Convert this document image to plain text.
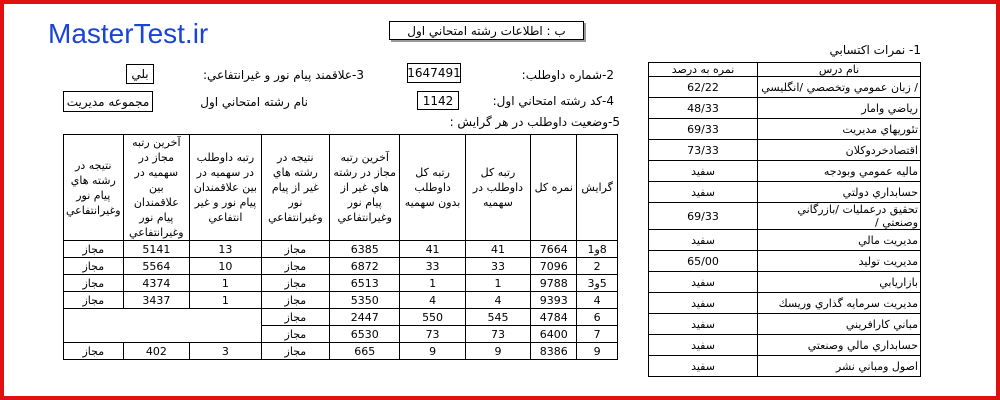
MasterTest.ir	ب : اطلاعات رشته امتحاني اول
1- نمرات اكتسابي
2-شماره داوطلب:
1647491
3-علاقمند پيام نور و غيرانتفاعي:
بلي
4-كد رشته امتحاني اول:
1142
نام رشته امتحاني اول
مجموعه مديريت
5-وضعيت داوطلب در هر گرايش :
نام درس	نمره به درصد
/ زبان عمومي وتخصصي /انگليسي	62/22
رياضي وامار	48/33
تئوريهاي مديريت	69/33
اقتصادخردوكلان	73/33
ماليه عمومي وبودجه	سفيد
حسابداري دولتي	سفيد
تحقيق درعمليات /بازرگاني وصنعتي /	69/33
مديريت مالي	سفيد
مديريت توليد	65/00
بازاريابي	سفيد
مديريت سرمايه گذاري وريسك	سفيد
مباني كارافريني	سفيد
حسابداري مالي وصنعتي	سفيد
اصول ومباني نشر	سفيد
گرايش	نمره كل	رتبه كل داوطلب در سهميه	رتبه كل داوطلب بدون سهميه	آخرين رتبه مجاز در رشته هاي غير از پيام نور وغيرانتفاعي	نتيجه در رشته هاي غير از پيام نور وغيرانتفاعي	رتبه داوطلب در سهميه در بين علاقمندان پيام نور و غير انتفاعي	آخرين رتبه مجاز در سهميه در بين علاقمندان پيام نور وغيرانتفاعي	نتيجه در رشته هاي پيام نور وغيرانتفاعي
8و1	7664	41	41	6385	مجاز	13	5141	مجاز
2	7096	33	33	6872	مجاز	10	5564	مجاز
5و3	9788	1	1	6513	مجاز	1	4374	مجاز
4	9393	4	4	5350	مجاز	1	3437	مجاز
6	4784	545	550	2447	مجاز			
7	6400	73	73	6530	مجاز			
9	8386	9	9	665	مجاز	3	402	مجاز
